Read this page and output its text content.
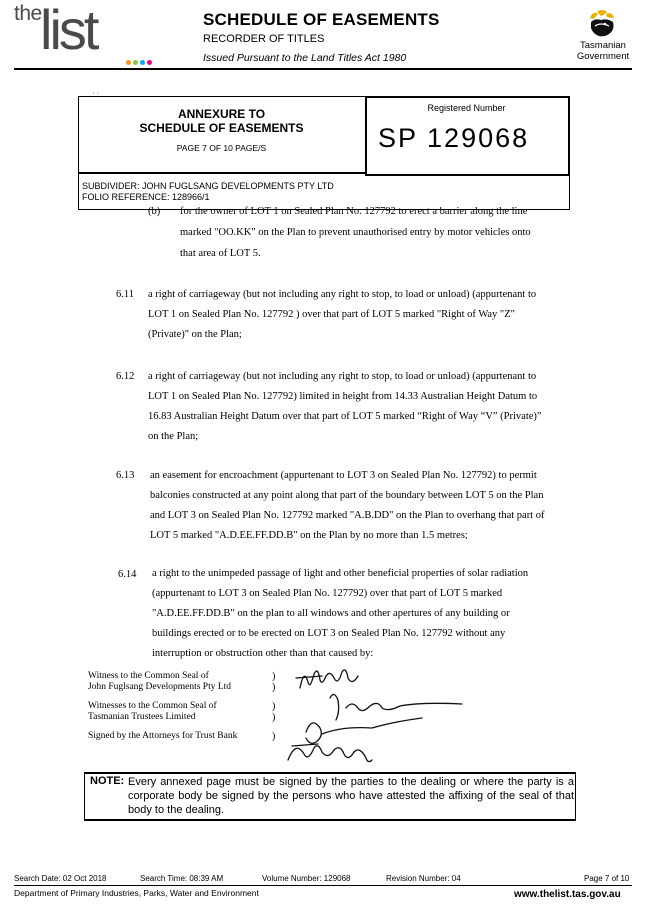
the
list	SCHEDULE OF EASEMENTS
RECORDER OF TITLES
Issued Pursuant to the Land Titles Act 1980
Tasmanian
Government
· ·
ANNEXURE TO
SCHEDULE OF EASEMENTS
PAGE 7 OF 10 PAGE/S
Registered Number
SP 129068
SUBDIVIDER: JOHN FUGLSANG DEVELOPMENTS PTY LTD
FOLIO REFERENCE: 128966/1
(b) for the owner of LOT 1 on Sealed Plan No. 127792 to erect a barrier along the line
marked "OO.KK" on the Plan to prevent unauthorised entry by motor vehicles onto
that area of LOT 5.
6.11 a right of carriageway (but not including any right to stop, to load or unload) (appurtenant to
LOT 1 on Sealed Plan No. 127792 ) over that part of LOT 5 marked "Right of Way "Z"
(Private)" on the Plan;
6.12 a right of carriageway (but not including any right to stop, to load or unload) (appurtenant to
LOT 1 on Sealed Plan No. 127792) limited in height from 14.33 Australian Height Datum to
16.83 Australian Height Datum over that part of LOT 5 marked “Right of Way “V” (Private)”
on the Plan;
6.13 an easement for encroachment (appurtenant to LOT 3 on Sealed Plan No. 127792) to permit
balconies constructed at any point along that part of the boundary between LOT 5 on the Plan
and LOT 3 on Sealed Plan No. 127792 marked "A.B.DD" on the Plan to overhang that part of
LOT 5 marked "A.D.EE.FF.DD.B" on the Plan by no more than 1.5 metres;
6.14 a right to the unimpeded passage of light and other beneficial properties of solar radiation
(appurtenant to LOT 3 on Sealed Plan No. 127792) over that part of LOT 5 marked
"A.D.EE.FF.DD.B" on the plan to all windows and other apertures of any building or
buildings erected or to be erected on LOT 3 on Sealed Plan No. 127792 without any
interruption or obstruction other than that caused by:
Witness to the Common Seal of
John Fuglsang Developments Pty Ltd
)
)
Witnesses to the Common Seal of
Tasmanian Trustees Limited
)
)
Signed by the Attorneys for Trust Bank	)
NOTE: Every annexed page must be signed by the parties to the dealing or where the party is a corporate body be signed by the persons who have attested the affixing of the seal of that body to the dealing.
Search Date: 02 Oct 2018	Search Time: 08:39 AM	Volume Number: 129068	Revision Number: 04	Page 7 of 10
Department of Primary Industries, Parks, Water and Environment	www.thelist.tas.gov.au
